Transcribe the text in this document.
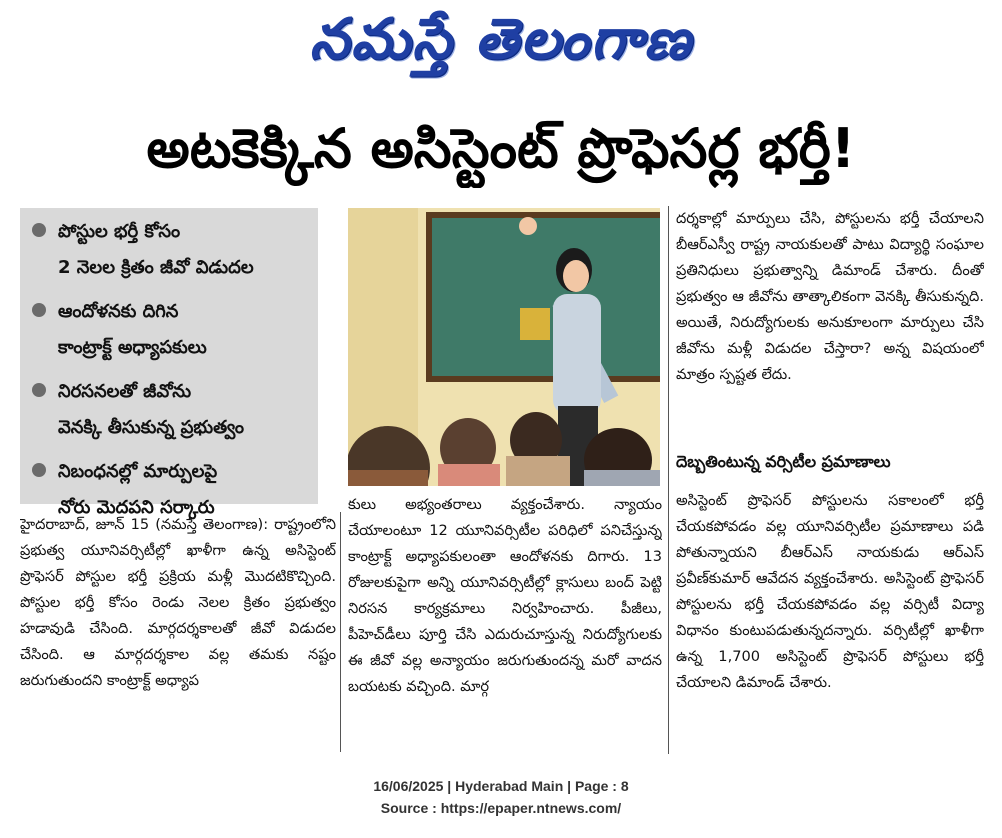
నమస్తే తెలంగాణ
అటకెక్కిన అసిస్టెంట్ ప్రొఫెసర్ల భర్తీ!
పోస్టుల భర్తీ కోసం
2 నెలల క్రితం జీవో విడుదల
ఆందోళనకు దిగిన
కాంట్రాక్ట్ అధ్యాపకులు
నిరసనలతో జీవోను
వెనక్కి తీసుకున్న ప్రభుత్వం
నిబంధనల్లో మార్పులపై
నోరు మెదపని సర్కారు
హైదరాబాద్, జూన్ 15 (నమస్తే తెలంగాణ): రాష్ట్రంలోని ప్రభుత్వ యూనివర్సిటీల్లో ఖాళీగా ఉన్న అసిస్టెంట్ ప్రొఫెసర్ పోస్టుల భర్తీ ప్రక్రియ మళ్లీ మొదటికొచ్చింది. పోస్టుల భర్తీ కోసం రెండు నెలల క్రితం ప్రభుత్వం హడావుడి చేసింది. మార్గదర్శకాలతో జీవో విడుదల చేసింది. ఆ మార్గదర్శకాల వల్ల తమకు నష్టం జరుగుతుందని కాంట్రాక్ట్ అధ్యాప
కులు అభ్యంతరాలు వ్యక్తంచేశారు. న్యాయం చేయాలంటూ 12 యూనివర్సిటీల పరిధిలో పనిచేస్తున్న కాంట్రాక్ట్ అధ్యాపకులంతా ఆందోళనకు దిగారు. 13 రోజులకుపైగా అన్ని యూనివర్సిటీల్లో క్లాసులు బంద్ పెట్టి నిరసన కార్యక్రమాలు నిర్వహించారు. పీజీలు, పీహెచ్‌డీలు పూర్తి చేసి ఎదురుచూస్తున్న నిరుద్యోగులకు ఈ జీవో వల్ల అన్యాయం జరుగుతుందన్న మరో వాదన బయటకు వచ్చింది. మార్గ
దర్శకాల్లో మార్పులు చేసి, పోస్టులను భర్తీ చేయాలని బీఆర్ఎస్వీ రాష్ట్ర నాయకులతో పాటు విద్యార్థి సంఘాల ప్రతినిధులు ప్రభుత్వాన్ని డిమాండ్ చేశారు. దీంతో ప్రభుత్వం ఆ జీవోను తాత్కాలికంగా వెనక్కి తీసుకున్నది. అయితే, నిరుద్యోగులకు అనుకూలంగా మార్పులు చేసి జీవోను మళ్లీ విడుదల చేస్తారా? అన్న విషయంలో మాత్రం స్పష్టత లేదు.
దెబ్బతింటున్న వర్సిటీల ప్రమాణాలు
అసిస్టెంట్ ప్రొఫెసర్ పోస్టులను సకాలంలో భర్తీ చేయకపోవడం వల్ల యూనివర్సిటీల ప్రమాణాలు పడి పోతున్నాయని బీఆర్ఎస్ నాయకుడు ఆర్ఎస్ ప్రవీణ్‌కుమార్ ఆవేదన వ్యక్తంచేశారు. అసిస్టెంట్ ప్రొఫెసర్ పోస్టులను భర్తీ చేయకపోవడం వల్ల వర్సిటీ విద్యా విధానం కుంటుపడుతున్నదన్నారు. వర్సిటీల్లో ఖాళీగా ఉన్న 1,700 అసిస్టెంట్ ప్రొఫెసర్ పోస్టులు భర్తీ చేయాలని డిమాండ్ చేశారు.
16/06/2025 | Hyderabad Main | Page : 8
Source : https://epaper.ntnews.com/
